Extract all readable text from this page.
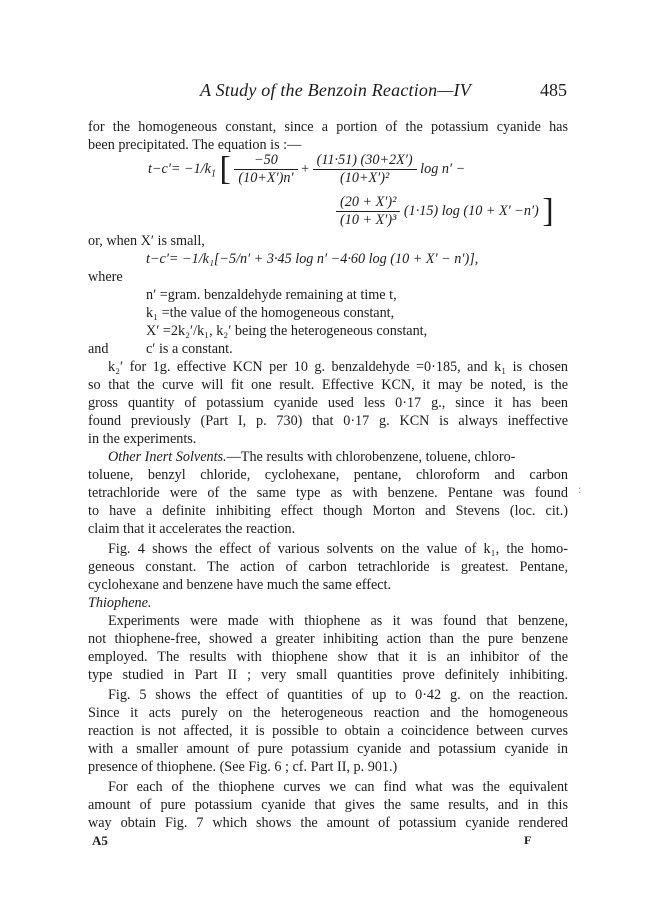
A Study of the Benzoin Reaction—IV	485
for the homogeneous constant, since a portion of the potassium cyanide has
been precipitated. The equation is :—
$t-c'= -1/k_1$ [ $\frac{-50}{(10+X')n'} + \frac{(11\cdot 51) (30+2X')}{\text{(10+X′)²}}$ log n′ −
$\frac{\text{(20 + X′)²}}{\text{(10 + X′)³}} (1\cdot 15)$ log (10 + X′ −n′) ]
or, when X′ is small,
t−c′= −1/k₁[−5/n′ + 3·45 log n′ −4·60 log (10 + X′ − n′)],
where
n′ =gram. benzaldehyde remaining at time t,
k₁ =the value of the homogeneous constant,
X′ =2k₂′/k₁, k₂′ being the heterogeneous constant,
and	c′ is a constant.
k₂′ for 1g. effective KCN per 10 g. benzaldehyde =0·185, and k₁ is chosen
so that the curve will fit one result. Effective KCN, it may be noted, is the
gross quantity of potassium cyanide used less 0·17 g., since it has been
found previously (Part I, p. 730) that 0·17 g. KCN is always ineffective
in the experiments.
Other Inert Solvents.—The results with chlorobenzene, toluene, chloro-
toluene, benzyl chloride, cyclohexane, pentane, chloroform and carbon
tetrachloride were of the same type as with benzene. Pentane was found
to have a definite inhibiting effect though Morton and Stevens (loc. cit.)
claim that it accelerates the reaction.
:
Fig. 4 shows the effect of various solvents on the value of k₁, the homo-
geneous constant. The action of carbon tetrachloride is greatest. Pentane,
cyclohexane and benzene have much the same effect.
Thiophene.
Experiments were made with thiophene as it was found that benzene,
not thiophene-free, showed a greater inhibiting action than the pure benzene
employed. The results with thiophene show that it is an inhibitor of the
type studied in Part II ; very small quantities prove definitely inhibiting.
Fig. 5 shows the effect of quantities of up to 0·42 g. on the reaction.
Since it acts purely on the heterogeneous reaction and the homogeneous
reaction is not affected, it is possible to obtain a coincidence between curves
with a smaller amount of pure potassium cyanide and potassium cyanide in
presence of thiophene. (See Fig. 6 ; cf. Part II, p. 901.)
For each of the thiophene curves we can find what was the equivalent
amount of pure potassium cyanide that gives the same results, and in this
way obtain Fig. 7 which shows the amount of potassium cyanide rendered
A5	F
